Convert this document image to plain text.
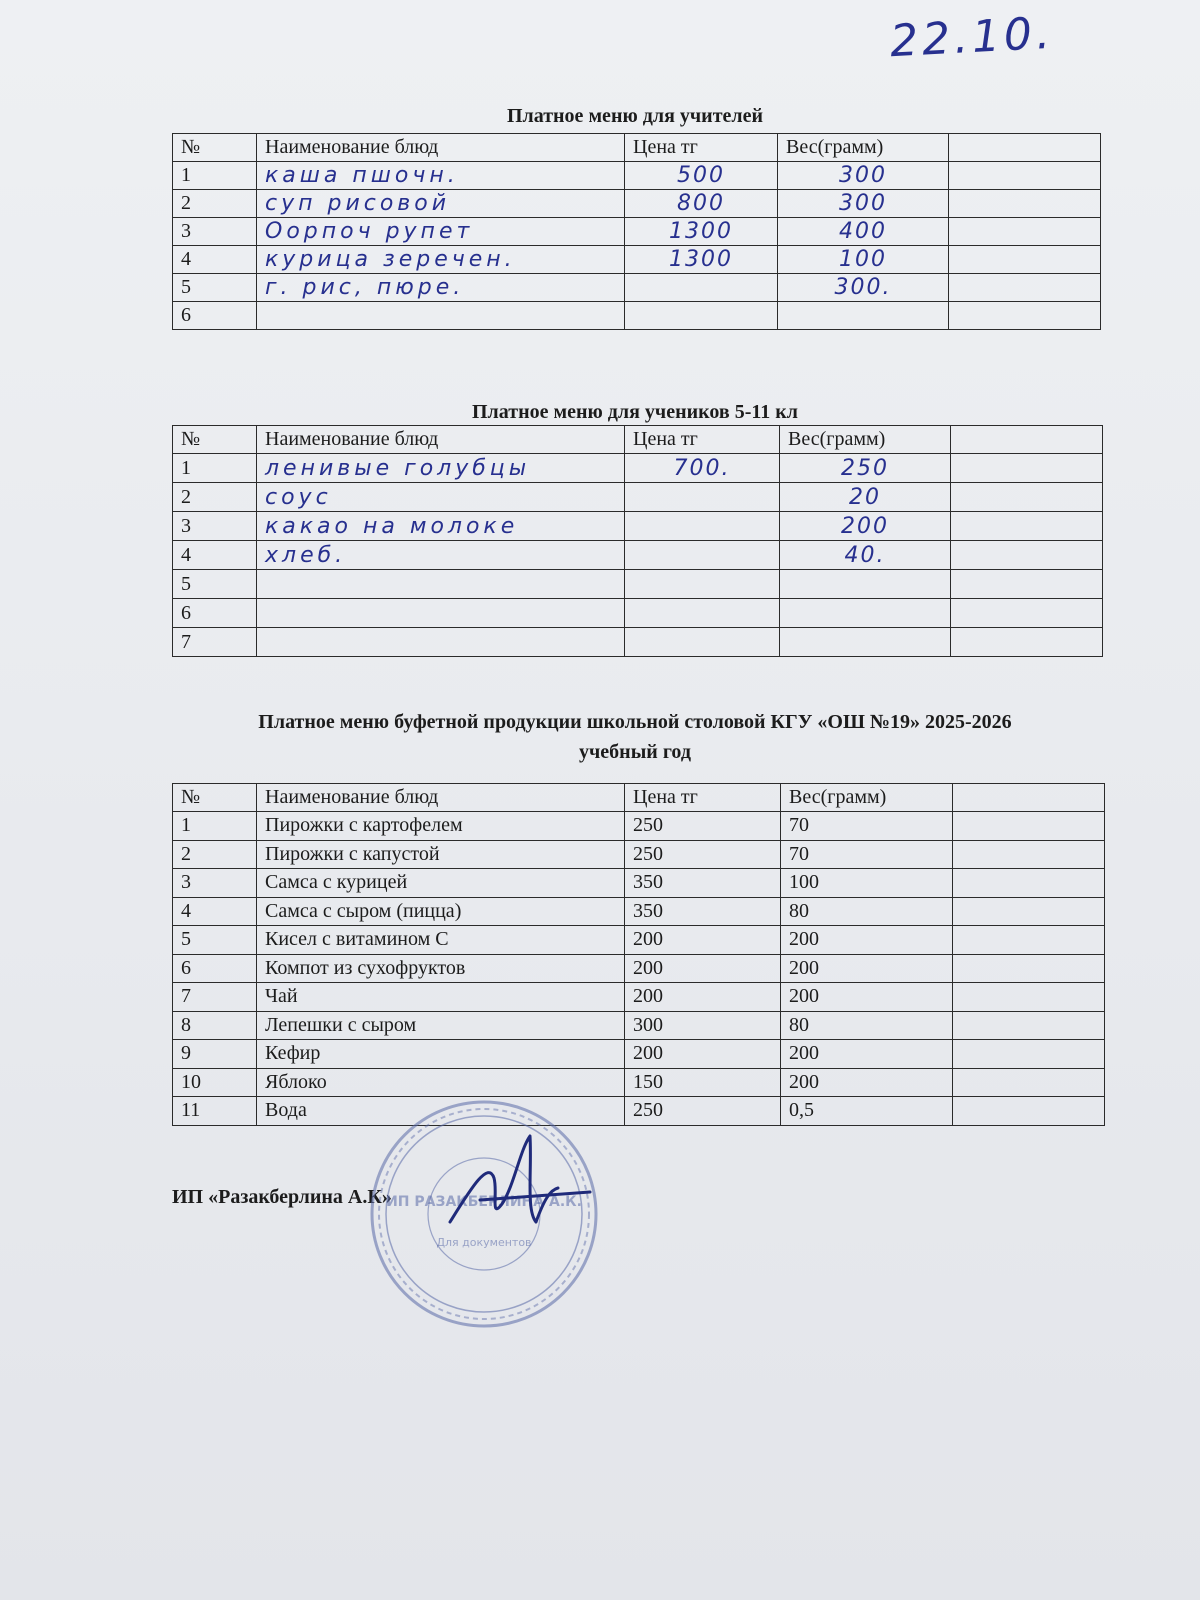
22.10.
Платное меню для учителей
№	Наименование блюд	Цена тг	Вес(грамм)	
1	каша пшочн.	500	300	
2	суп рисовой	800	300	
3	Оорпоч рупет	1300	400	
4	курица зеречен.	1300	100	
5	г. рис, пюре.		300.	
6				
Платное меню для учеников 5-11 кл
№	Наименование блюд	Цена тг	Вес(грамм)	
1	ленивые голубцы	700.	250	
2	соус		20	
3	какао на молоке		200	
4	хлеб.		40.	
5				
6				
7				
Платное меню буфетной продукции школьной столовой КГУ «ОШ №19» 2025-2026
учебный год
№	Наименование блюд	Цена тг	Вес(грамм)	
1	Пирожки с картофелем	250	70	
2	Пирожки с капустой	250	70	
3	Самса с курицей	350	100	
4	Самса с сыром (пицца)	350	80	
5	Кисел с витамином С	200	200	
6	Компот из сухофруктов	200	200	
7	Чай	200	200	
8	Лепешки с сыром	300	80	
9	Кефир	200	200	
10	Яблоко	150	200	
11	Вода	250	0,5	
ИП «Разакберлина А.К»
ИП РАЗАКБЕРЛИНА А.К.
Для документов
